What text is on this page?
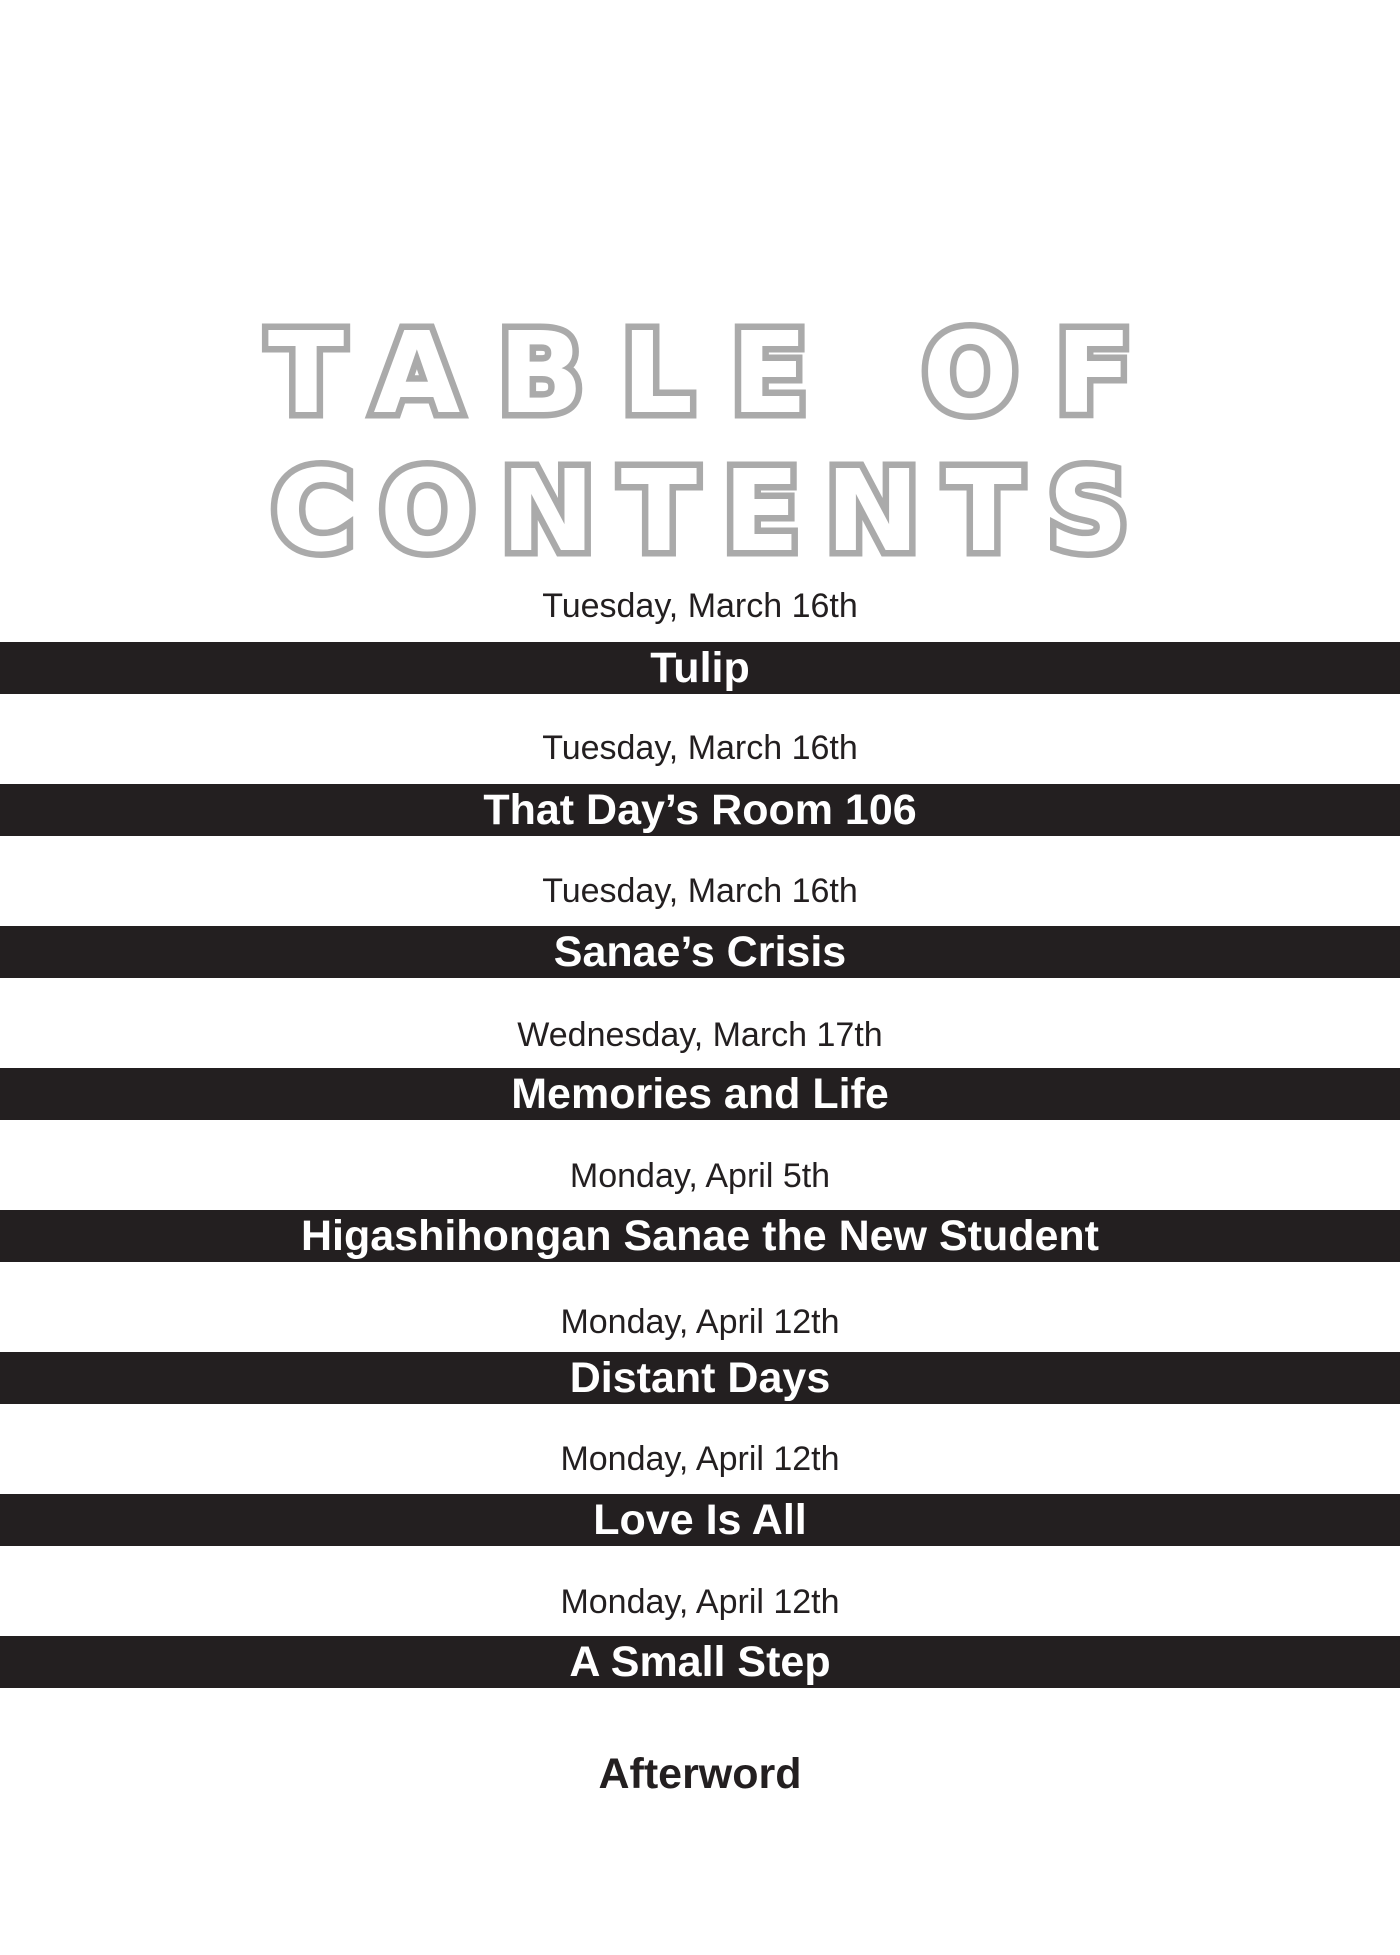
TABLE OF
CONTENTS
Tuesday, March 16th
Tulip
Tuesday, March 16th
That Day’s Room 106
Tuesday, March 16th
Sanae’s Crisis
Wednesday, March 17th
Memories and Life
Monday, April 5th
Higashihongan Sanae the New Student
Monday, April 12th
Distant Days
Monday, April 12th
Love Is All
Monday, April 12th
A Small Step
Afterword
